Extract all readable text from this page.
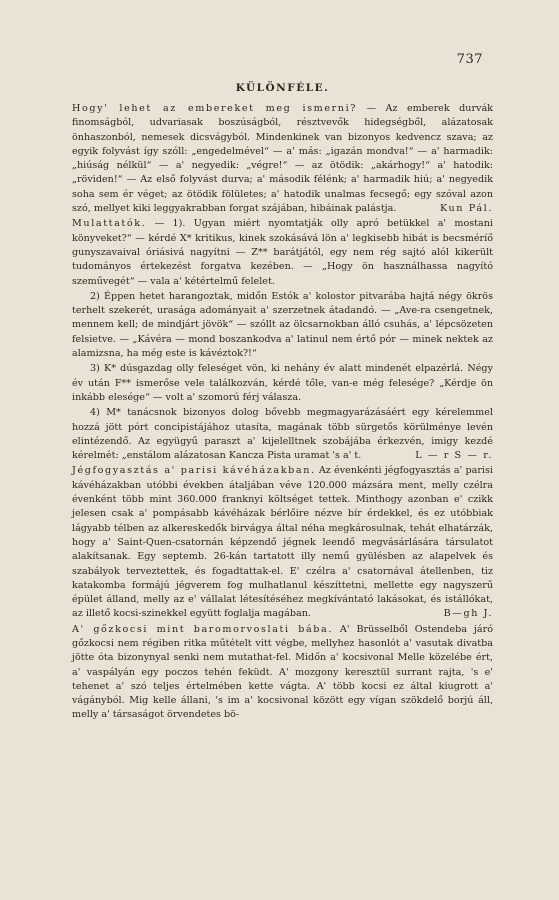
737
KÜLÖNFÉLE.

Hogy' lehet az embereket meg ismerni? — Az emberek durvák finomságból, udvariasak boszúságból, résztvevők hidegségből, alázatosak önhaszonból, nemesek dicsvágyból. Mindenkinek van bizonyos kedvencz szava; az egyik folyvást így szóll: „engedelmével“ — a' más: „igazán mondva!“ — a' harmadik: „hiúság nélkül“ — a' negyedik: „végre!“ — az ötödik: „akárhogy!“ a' hatodik: „röviden!“ — Az első folyvást durva; a' második félénk; a' harmadik hiú; a' negyedik soha sem ér véget; az ötödik fölületes; a' hatodik unalmas fecsegő; egy szóval azon szó, mellyet kiki leggyakrabban forgat szájában, hibáinak palástja.	Kun Pál.

Mulattatók. — 1). Ugyan miért nyomtatják olly apró betükkel a' mostani könyveket?“ — kérdé X* kritikus, kinek szokásává lön a' legkisebb hibát is becsméríő gunyszavaival óriásivá nagyítni — Z** barátjától, egy nem rég sajtó alól kikerült tudományos értekezést forgatva kezében. — „Hogy ön használhassa nagyító szeművegét“ — vala a' kétértelmű felelet.

2) Éppen hetet harangoztak, midőn Estók a' kolostor pitvarába hajtá négy ökrös terhelt szekerét, urasága adományait a' szerzetnek átadandó. — „Ave-ra csengetnek, mennem kell; de mindjárt jövök“ — szóllt az ölcsarnokban álló csuhás, a' lépcsözeten felsietve. — „Kávéra — mond boszankodva a' latinul nem értő pór — minek nektek az alamizsna, ha még este is kávéztok?!“

3) K* dúsgazdag olly feleséget vön, ki nehány év alatt mindenét elpazérlá. Négy év után F** ismerőse vele találkozván, kérdé tőle, van-e még felesége? „Kérdje ön inkább elesége“ — volt a' szomorú férj válasza.

4) M* tanácsnok bizonyos dolog bővebb megmagyarázásáért egy kérelemmel hozzá jött pórt concipistájához utasíta, magának több sürgetős körülménye levén elintézendő. Az együgyű paraszt a' kijelelltnek szobájába érkezvén, imigy kezdé kérelmét: „enstálom alázatosan Kancza Pista uramat 's a' t.	L — r S — r.

Jégfogyasztás a' parisi kávéházakban. Az évenkénti jégfogyasztás a' parisi kávéházakban utóbbi években átaljában véve 120.000 mázsára ment, melly czélra évenként több mint 360.000 franknyi költséget tettek. Minthogy azonban e' czikk jelesen csak a' pompásabb kávéházak bérlőire nézve bír érdekkel, és ez utóbbiak lágyabb télben az alkereskedők birvágya által néha megkárosulnak, tehát elhatárzák, hogy a' Saint-Quen-csatornán képzendő jégnek leendő megvásárlására társulatot alakítsanak. Egy septemb. 26-kán tartatott illy nemű gyülésben az alapelvek és szabályok terveztettek, és fogadtattak-el. E' czélra a' csatornával átellenben, tiz katakomba formájú jégverem fog mulhatlanul készíttetni, mellette egy nagyszerű épület álland, melly az e' vállalat létesítéséhez megkívántató lakásokat, és istállókat, az illető kocsi-szinekkel együtt foglalja magában.	B—gh J.

A' gőzkocsi mint baromorvoslati bába. A' Brüsselből Ostendeba járó gőzkocsi nem régiben ritka műtételt vitt végbe, mellyhez hasonlót a' vasutak divatba jötte óta bizonynyal senki nem mutathat-fel. Midőn a' kocsivonal Melle közelébe ért, a' vaspályán egy poczos tehén feküdt. A' mozgony keresztül surrant rajta, 's e' tehenet a' szó teljes értelmében kette vágta. A' több kocsi ez által kiugrott a' vágányból. Mig kelle állani, 's im a' kocsivonal között egy vígan szökdelő borjú áll, melly a' társaságot örvendetes bö-
